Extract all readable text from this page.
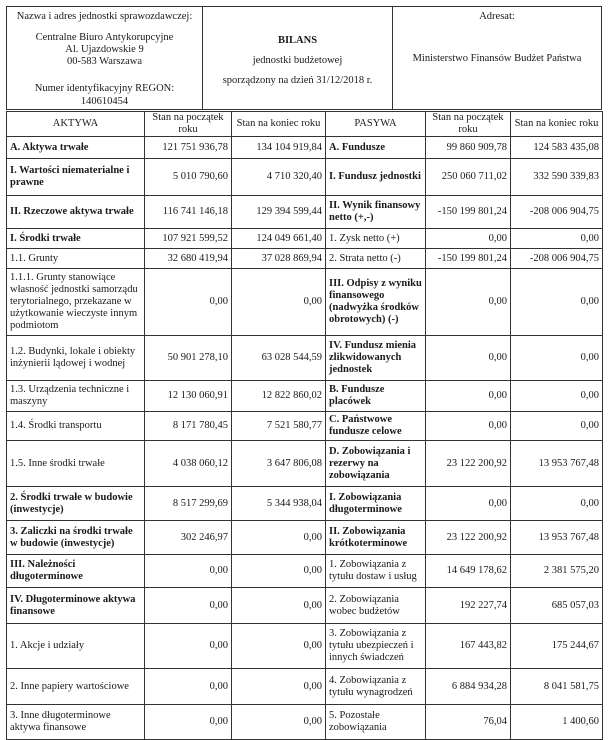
Nazwa i adres jednostki sprawozdawczej:
Centralne Biuro Antykorupcyjne
Al. Ujazdowskie 9
00-583 Warszawa
Numer identyfikacyjny REGON:
140610454
BILANS
jednostki budżetowej
sporządzony na dzień 31/12/2018 r.
Adresat:
Ministerstwo Finansów Budżet Państwa
AKTYWA	Stan na początek roku	Stan na koniec roku	PASYWA	Stan na początek roku	Stan na koniec roku
A. Aktywa trwałe	121 751 936,78	134 104 919,84	A. Fundusze	99 860 909,78	124 583 435,08
I. Wartości niematerialne i prawne	5 010 790,60	4 710 320,40	I. Fundusz jednostki	250 060 711,02	332 590 339,83
II. Rzeczowe aktywa trwałe	116 741 146,18	129 394 599,44	II. Wynik finansowy netto (+,-)	-150 199 801,24	-208 006 904,75
I. Środki trwałe	107 921 599,52	124 049 661,40	1. Zysk netto (+)	0,00	0,00
1.1. Grunty	32 680 419,94	37 028 869,94	2. Strata netto (-)	-150 199 801,24	-208 006 904,75
1.1.1. Grunty stanowiące własność jednostki samorządu terytorialnego, przekazane w użytkowanie wieczyste innym podmiotom	0,00	0,00	III. Odpisy z wyniku finansowego (nadwyżka środków obrotowych) (-)	0,00	0,00
1.2. Budynki, lokale i obiekty inżynierii lądowej i wodnej	50 901 278,10	63 028 544,59	IV. Fundusz mienia zlikwidowanych jednostek	0,00	0,00
1.3. Urządzenia techniczne i maszyny	12 130 060,91	12 822 860,02	B. Fundusze placówek	0,00	0,00
1.4. Środki transportu	8 171 780,45	7 521 580,77	C. Państwowe fundusze celowe	0,00	0,00
1.5. Inne środki trwałe	4 038 060,12	3 647 806,08	D. Zobowiązania i rezerwy na zobowiązania	23 122 200,92	13 953 767,48
2. Środki trwałe w budowie (inwestycje)	8 517 299,69	5 344 938,04	I. Zobowiązania długoterminowe	0,00	0,00
3. Zaliczki na środki trwałe w budowie (inwestycje)	302 246,97	0,00	II. Zobowiązania krótkoterminowe	23 122 200,92	13 953 767,48
III. Należności długoterminowe	0,00	0,00	1. Zobowiązania z tytułu dostaw i usług	14 649 178,62	2 381 575,20
IV. Długoterminowe aktywa finansowe	0,00	0,00	2. Zobowiązania wobec budżetów	192 227,74	685 057,03
1. Akcje i udziały	0,00	0,00	3. Zobowiązania z tytułu ubezpieczeń i innych świadczeń	167 443,82	175 244,67
2. Inne papiery wartościowe	0,00	0,00	4. Zobowiązania z tytułu wynagrodzeń	6 884 934,28	8 041 581,75
3. Inne długoterminowe aktywa finansowe	0,00	0,00	5. Pozostałe zobowiązania	76,04	1 400,60
